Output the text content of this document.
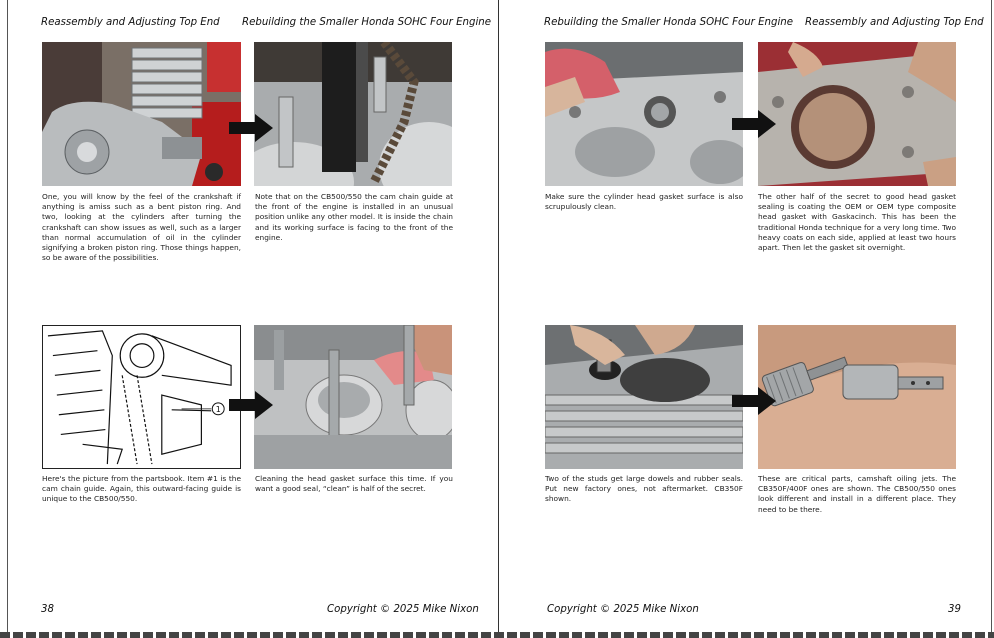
Reassembly and Adjusting Top End Rebuilding the Smaller Honda SOHC Four Engine
One, you will know by the feel of the crankshaft if anything is amiss such as a bent piston ring. And two, looking at the cylinders after turning the crankshaft can show issues as well, such as a larger than normal accumulation of oil in the cylinder signifying a broken piston ring. Those things happen, so be aware of the possibilities.
Note that on the CB500/550 the cam chain guide at the front of the engine is installed in an unusual position unlike any other model. It is inside the chain and its working surface is facing to the front of the engine.
1
Here's the picture from the partsbook. Item #1 is the cam chain guide. Again, this outward-facing guide is unique to the CB500/550.
Cleaning the head gasket surface this time. If you want a good seal, “clean” is half of the secret.
38	Copyright © 2025 Mike Nixon
Rebuilding the Smaller Honda SOHC Four Engine Reassembly and Adjusting Top End
Make sure the cylinder head gasket surface is also scrupulously clean.
The other half of the secret to good head gasket sealing is coating the OEM or OEM type composite head gasket with Gaskacinch. This has been the traditional Honda technique for a very long time. Two heavy coats on each side, applied at least two hours apart. Then let the gasket sit overnight.
Two of the studs get large dowels and rubber seals. Put new factory ones, not aftermarket. CB350F shown.
These are critical parts, camshaft oiling jets. The CB350F/400F ones are shown. The CB500/550 ones look different and install in a different place. They need to be there.
Copyright © 2025 Mike Nixon	39
